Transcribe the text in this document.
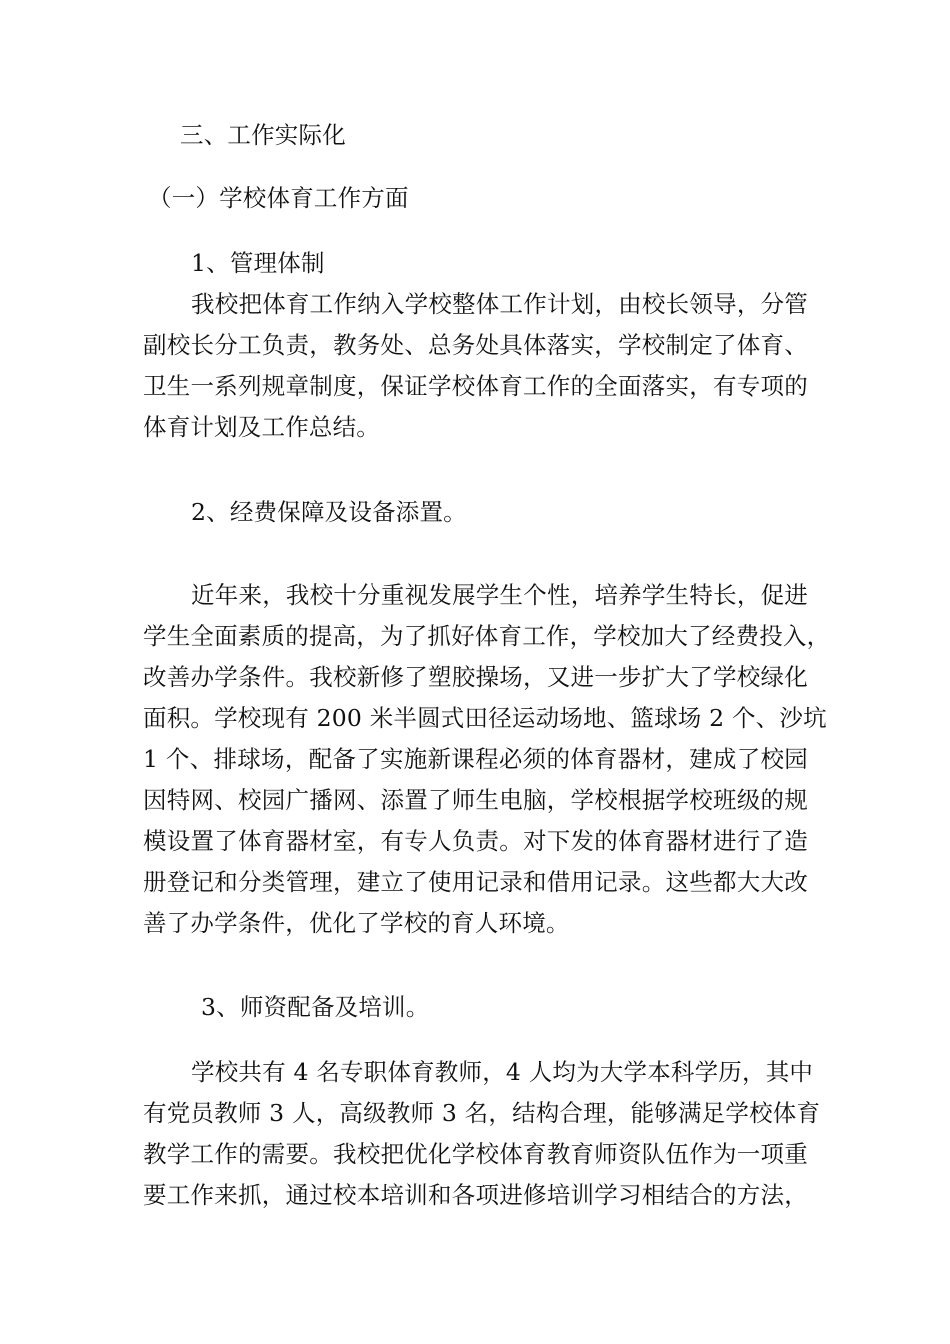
三、工作实际化
（一）学校体育工作方面
1、管理体制
我校把体育工作纳入学校整体工作计划，由校长领导，分管
副校长分工负责，教务处、总务处具体落实，学校制定了体育、
卫生一系列规章制度，保证学校体育工作的全面落实，有专项的
体育计划及工作总结。
2、经费保障及设备添置。
近年来，我校十分重视发展学生个性，培养学生特长，促进
学生全面素质的提高，为了抓好体育工作，学校加大了经费投入，
改善办学条件。我校新修了塑胶操场，又进一步扩大了学校绿化
面积。学校现有 200 米半圆式田径运动场地、篮球场 2 个、沙坑
1 个、排球场，配备了实施新课程必须的体育器材，建成了校园
因特网、校园广播网、添置了师生电脑，学校根据学校班级的规
模设置了体育器材室，有专人负责。对下发的体育器材进行了造
册登记和分类管理，建立了使用记录和借用记录。这些都大大改
善了办学条件，优化了学校的育人环境。
3、师资配备及培训。
学校共有 4 名专职体育教师，4 人均为大学本科学历，其中
有党员教师 3 人，高级教师 3 名，结构合理，能够满足学校体育
教学工作的需要。我校把优化学校体育教育师资队伍作为一项重
要工作来抓，通过校本培训和各项进修培训学习相结合的方法，
